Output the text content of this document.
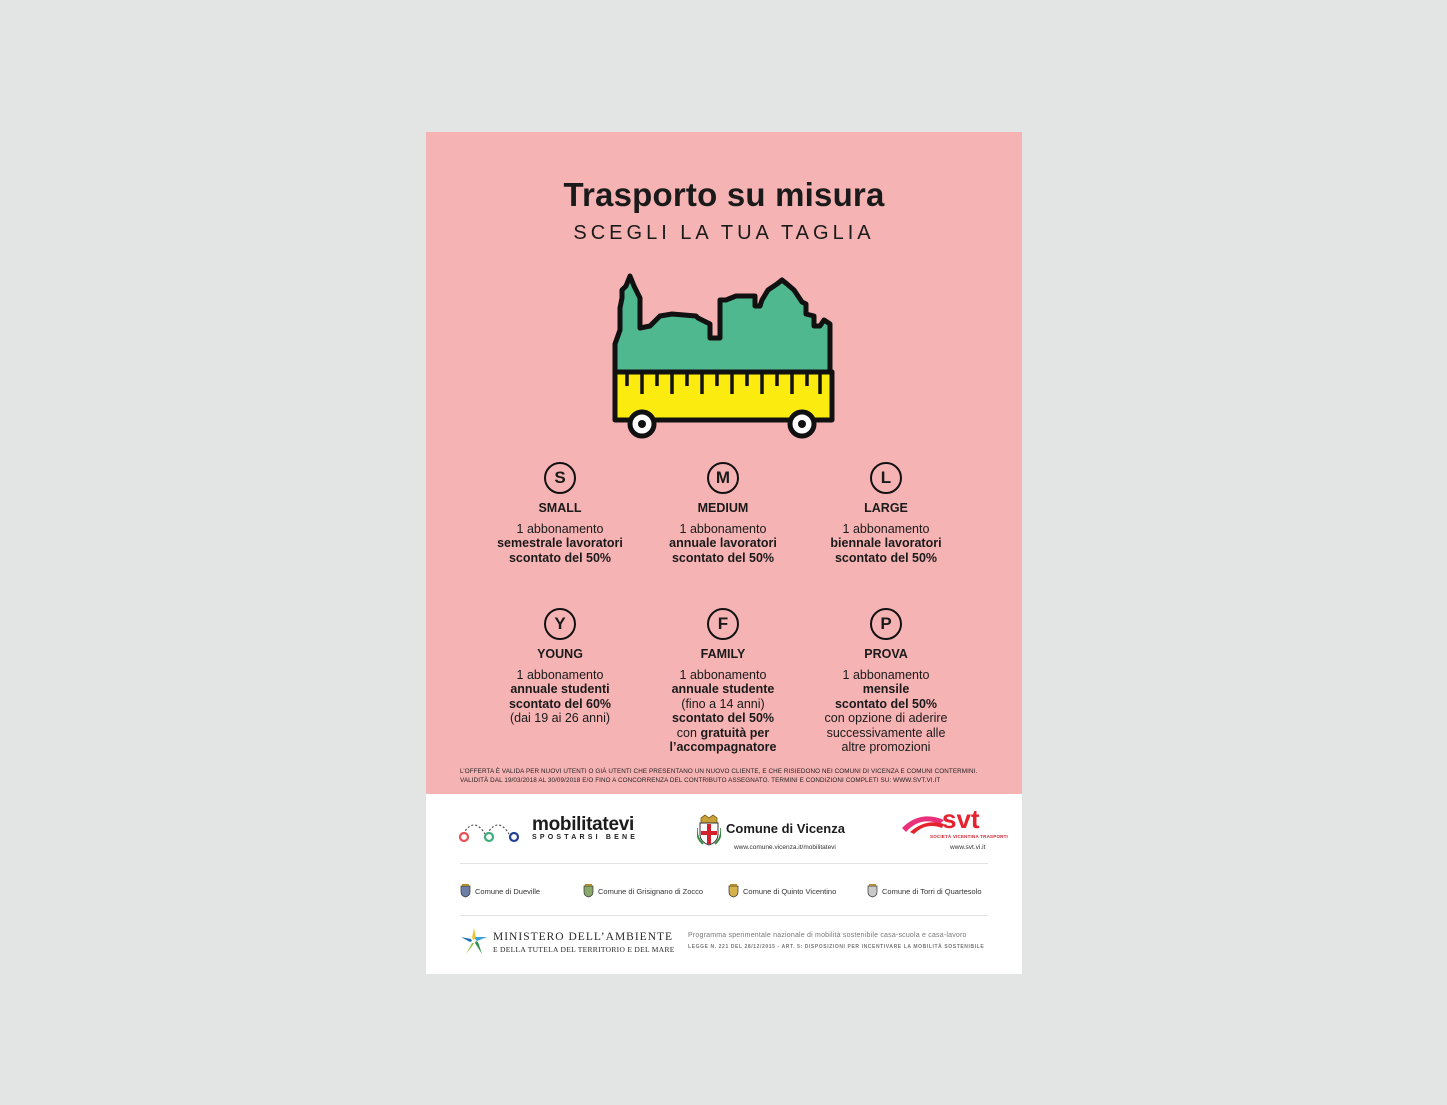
Trasporto su misura
SCEGLI LA TUA TAGLIA
S
SMALL
1 abbonamento
semestrale lavoratori
scontato del 50%
M
MEDIUM
1 abbonamento
annuale lavoratori
scontato del 50%
L
LARGE
1 abbonamento
biennale lavoratori
scontato del 50%
Y
YOUNG
1 abbonamento
annuale studenti
scontato del 60%
(dai 19 ai 26 anni)
F
FAMILY
1 abbonamento
annuale studente
(fino a 14 anni)
scontato del 50%
con gratuità per
l’accompagnatore
P
PROVA
1 abbonamento
mensile
scontato del 50%
con opzione di aderire
successivamente alle
altre promozioni
L’OFFERTA È VALIDA PER NUOVI UTENTI O GIÀ UTENTI CHE PRESENTANO UN NUOVO CLIENTE, E CHE RISIEDONO NEI COMUNI DI VICENZA E COMUNI CONTERMINI.
VALIDITÀ DAL 19/03/2018 AL 30/09/2018 E/O FINO A CONCORRENZA DEL CONTRIBUTO ASSEGNATO. TERMINI E CONDIZIONI COMPLETI SU: WWW.SVT.VI.IT
mobilitatevi
SPOSTARSI BENE
Comune di Vicenza
www.comune.vicenza.it/mobilitatevi
svt
SOCIETÀ VICENTINA TRASPORTI
www.svt.vi.it
Comune di Dueville	Comune di Grisignano di Zocco	Comune di Quinto Vicentino	Comune di Torri di Quartesolo
MINISTERO DELL’AMBIENTE
E DELLA TUTELA DEL TERRITORIO E DEL MARE
Programma sperimentale nazionale di mobilità sostenibile casa-scuola e casa-lavoro
LEGGE N. 221 DEL 28/12/2015 - ART. 5: DISPOSIZIONI PER INCENTIVARE LA MOBILITÀ SOSTENIBILE
